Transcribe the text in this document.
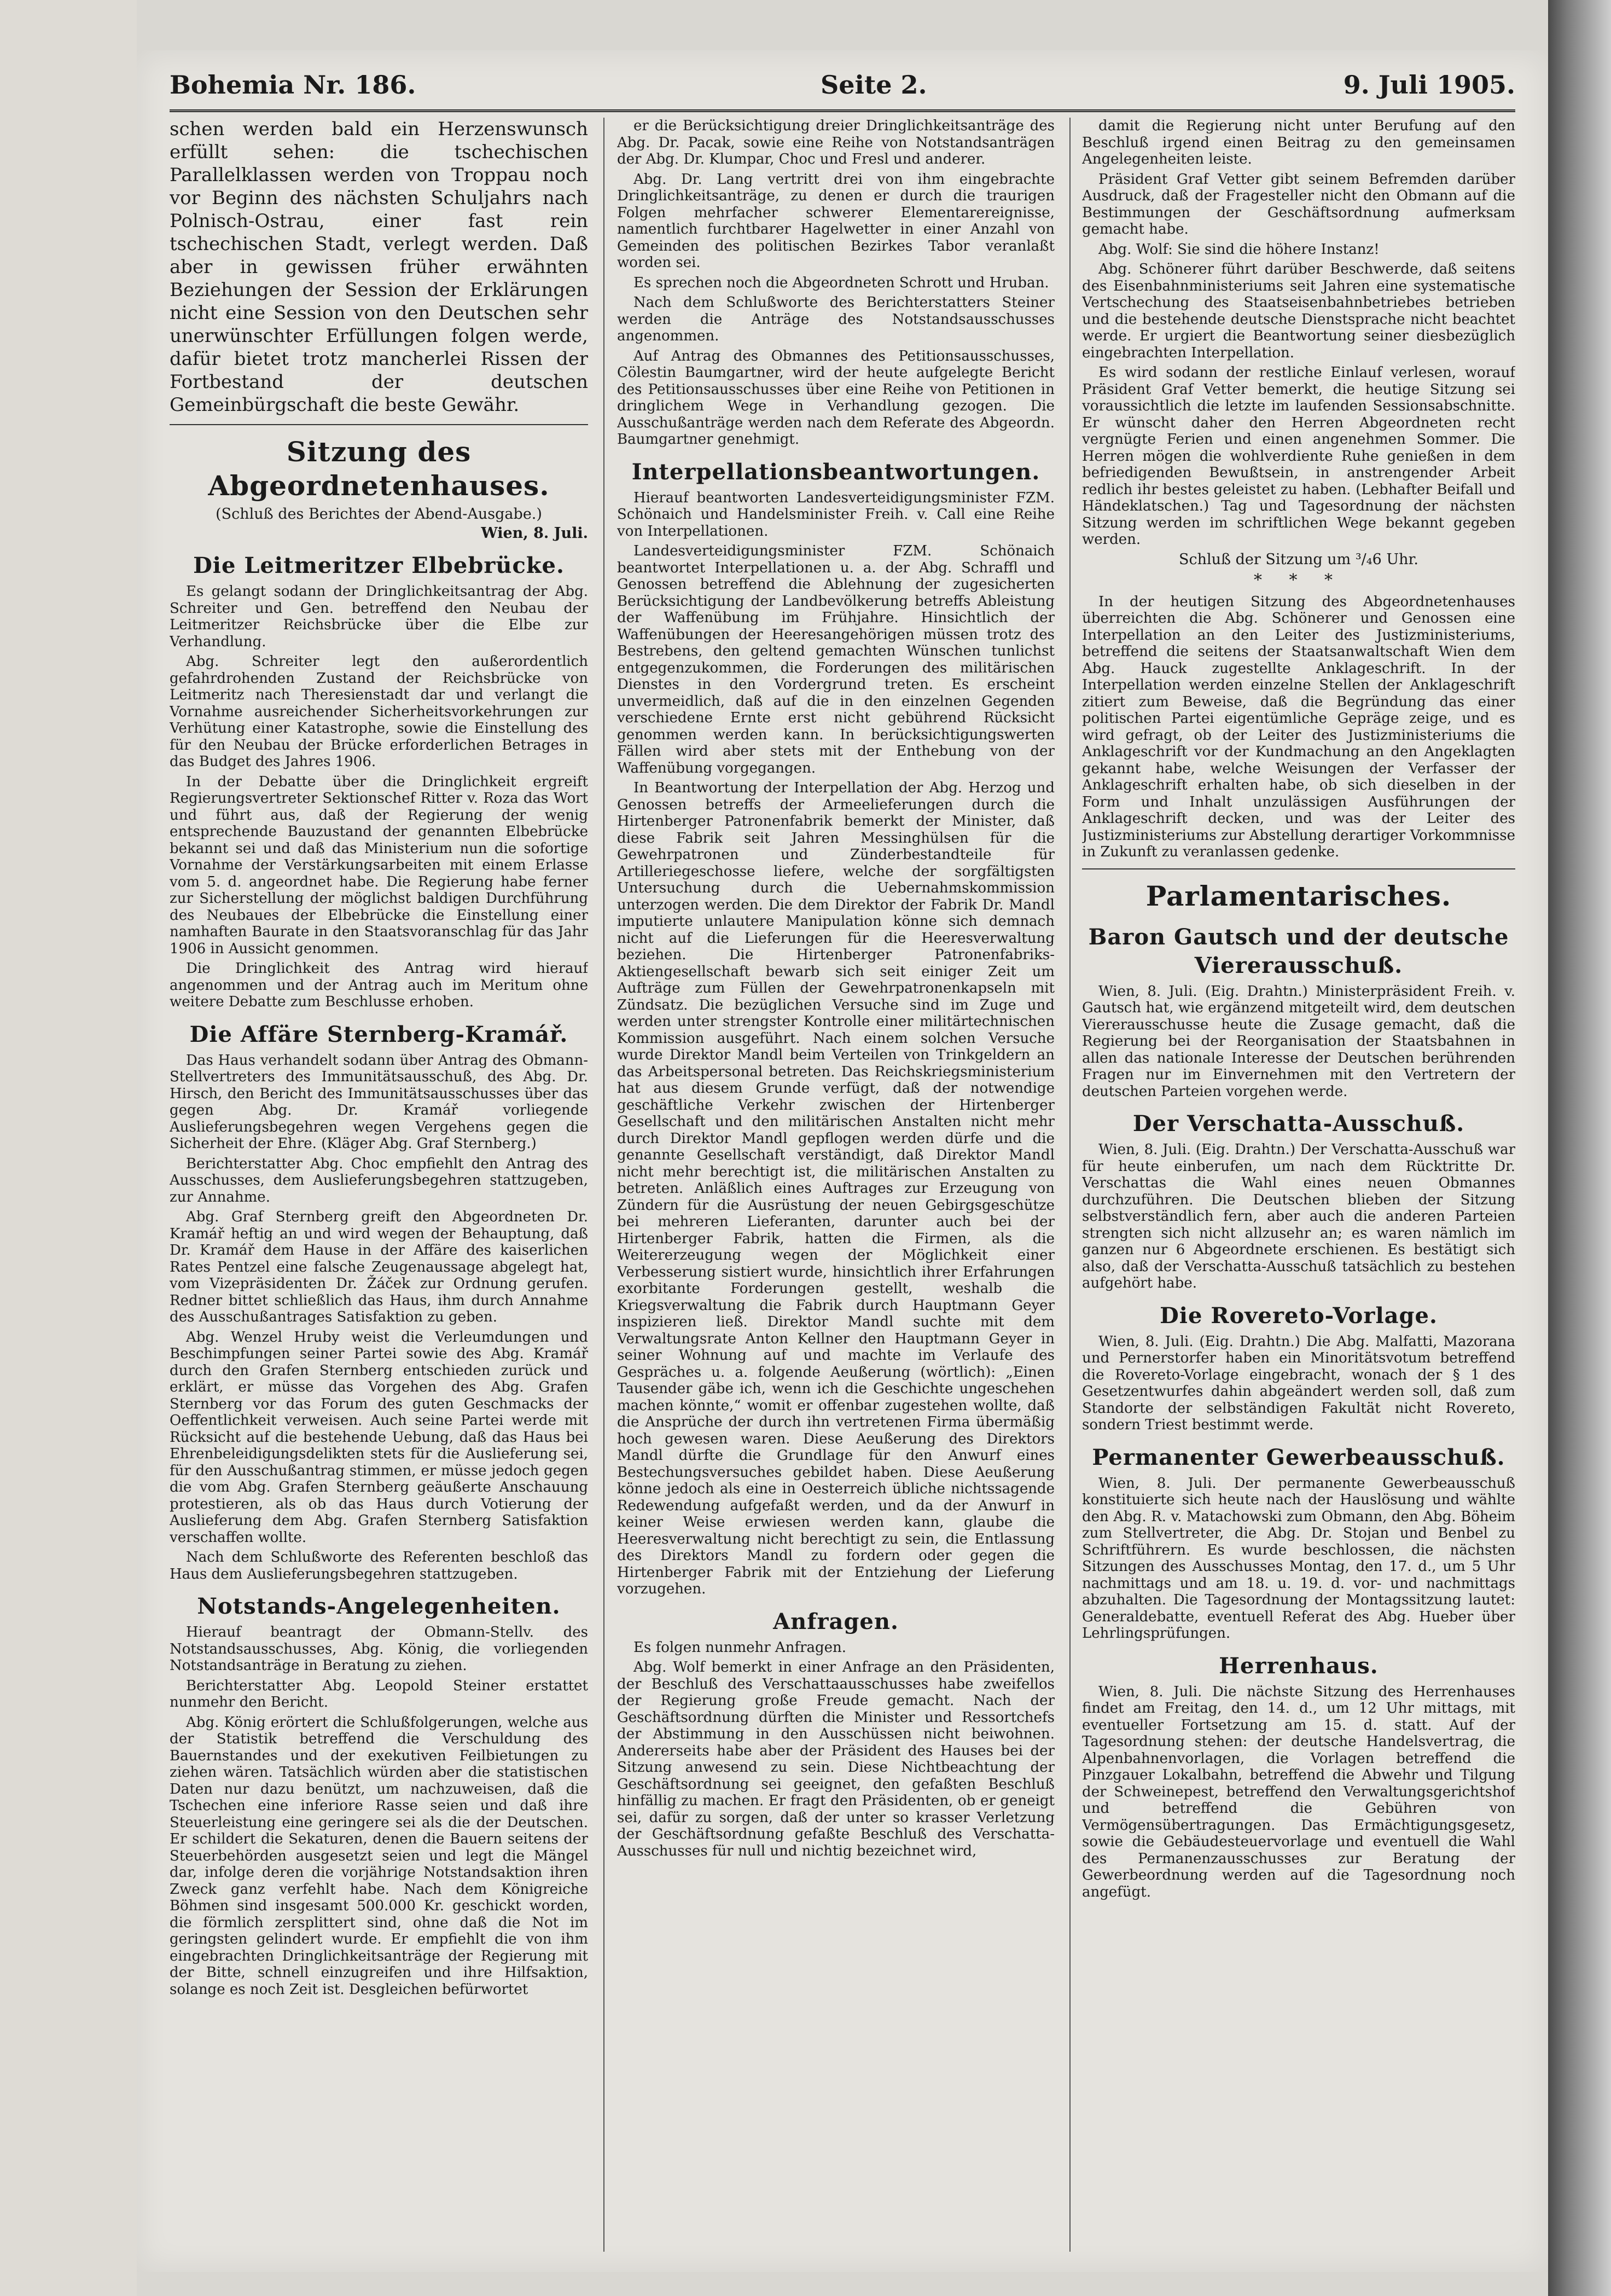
Bohemia Nr. 186.	Seite 2.	9. Juli 1905.

schen werden bald ein Herzenswunsch erfüllt sehen: die tschechischen Parallelklassen werden von Troppau noch vor Beginn des nächsten Schuljahrs nach Polnisch-Ostrau, einer fast rein tschechischen Stadt, verlegt werden. Daß aber in gewissen früher erwähnten Beziehungen der Session der Erklärungen nicht eine Session von den Deutschen sehr unerwünschter Erfüllungen folgen werde, dafür bietet trotz mancherlei Rissen der Fortbestand der deutschen Gemeinbürgschaft die beste Gewähr.

Sitzung des Abgeordnetenhauses.
(Schluß des Berichtes der Abend-Ausgabe.)
Wien, 8. Juli.
Die Leitmeritzer Elbebrücke.

Es gelangt sodann der Dringlichkeitsantrag der Abg. Schreiter und Gen. betreffend den Neubau der Leitmeritzer Reichsbrücke über die Elbe zur Verhandlung.

Abg. Schreiter legt den außerordentlich gefahrdrohenden Zustand der Reichsbrücke von Leitmeritz nach Theresienstadt dar und verlangt die Vornahme ausreichender Sicherheitsvorkehrungen zur Verhütung einer Katastrophe, sowie die Einstellung des für den Neubau der Brücke erforderlichen Betrages in das Budget des Jahres 1906.

In der Debatte über die Dringlichkeit ergreift Regierungsvertreter Sektionschef Ritter v. Roza das Wort und führt aus, daß der Regierung der wenig entsprechende Bauzustand der genannten Elbebrücke bekannt sei und daß das Ministerium nun die sofortige Vornahme der Verstärkungsarbeiten mit einem Erlasse vom 5. d. angeordnet habe. Die Regierung habe ferner zur Sicherstellung der möglichst baldigen Durchführung des Neubaues der Elbebrücke die Einstellung einer namhaften Baurate in den Staatsvoranschlag für das Jahr 1906 in Aussicht genommen.

Die Dringlichkeit des Antrag wird hierauf angenommen und der Antrag auch im Meritum ohne weitere Debatte zum Beschlusse erhoben.

Die Affäre Sternberg-Kramář.

Das Haus verhandelt sodann über Antrag des Obmann-Stellvertreters des Immunitätsausschuß, des Abg. Dr. Hirsch, den Bericht des Immunitätsausschusses über das gegen Abg. Dr. Kramář vorliegende Auslieferungsbegehren wegen Vergehens gegen die Sicherheit der Ehre. (Kläger Abg. Graf Sternberg.)

Berichterstatter Abg. Choc empfiehlt den Antrag des Ausschusses, dem Auslieferungsbegehren stattzugeben, zur Annahme.

Abg. Graf Sternberg greift den Abgeordneten Dr. Kramář heftig an und wird wegen der Behauptung, daß Dr. Kramář dem Hause in der Affäre des kaiserlichen Rates Pentzel eine falsche Zeugenaussage abgelegt hat, vom Vizepräsidenten Dr. Žáček zur Ordnung gerufen. Redner bittet schließlich das Haus, ihm durch Annahme des Ausschußantrages Satisfaktion zu geben.

Abg. Wenzel Hruby weist die Verleumdungen und Beschimpfungen seiner Partei sowie des Abg. Kramář durch den Grafen Sternberg entschieden zurück und erklärt, er müsse das Vorgehen des Abg. Grafen Sternberg vor das Forum des guten Geschmacks der Oeffentlichkeit verweisen. Auch seine Partei werde mit Rücksicht auf die bestehende Uebung, daß das Haus bei Ehrenbeleidigungsdelikten stets für die Auslieferung sei, für den Ausschußantrag stimmen, er müsse jedoch gegen die vom Abg. Grafen Sternberg geäußerte Anschauung protestieren, als ob das Haus durch Votierung der Auslieferung dem Abg. Grafen Sternberg Satisfaktion verschaffen wollte.

Nach dem Schlußworte des Referenten beschloß das Haus dem Auslieferungsbegehren stattzugeben.

Notstands-Angelegenheiten.

Hierauf beantragt der Obmann-Stellv. des Notstandsausschusses, Abg. König, die vorliegenden Notstandsanträge in Beratung zu ziehen.

Berichterstatter Abg. Leopold Steiner erstattet nunmehr den Bericht.

Abg. König erörtert die Schlußfolgerungen, welche aus der Statistik betreffend die Verschuldung des Bauernstandes und der exekutiven Feilbietungen zu ziehen wären. Tatsächlich würden aber die statistischen Daten nur dazu benützt, um nachzuweisen, daß die Tschechen eine inferiore Rasse seien und daß ihre Steuerleistung eine geringere sei als die der Deutschen. Er schildert die Sekaturen, denen die Bauern seitens der Steuerbehörden ausgesetzt seien und legt die Mängel dar, infolge deren die vorjährige Notstandsaktion ihren Zweck ganz verfehlt habe. Nach dem Königreiche Böhmen sind insgesamt 500.000 Kr. geschickt worden, die förmlich zersplittert sind, ohne daß die Not im geringsten gelindert wurde. Er empfiehlt die von ihm eingebrachten Dringlichkeitsanträge der Regierung mit der Bitte, schnell einzugreifen und ihre Hilfsaktion, solange es noch Zeit ist. Desgleichen befürwortet

er die Berücksichtigung dreier Dringlichkeitsanträge des Abg. Dr. Pacak, sowie eine Reihe von Notstandsanträgen der Abg. Dr. Klumpar, Choc und Fresl und anderer.

Abg. Dr. Lang vertritt drei von ihm eingebrachte Dringlichkeitsanträge, zu denen er durch die traurigen Folgen mehrfacher schwerer Elementarereignisse, namentlich furchtbarer Hagelwetter in einer Anzahl von Gemeinden des politischen Bezirkes Tabor veranlaßt worden sei.

Es sprechen noch die Abgeordneten Schrott und Hruban.

Nach dem Schlußworte des Berichterstatters Steiner werden die Anträge des Notstandsausschusses angenommen.

Auf Antrag des Obmannes des Petitionsausschusses, Cölestin Baumgartner, wird der heute aufgelegte Bericht des Petitionsausschusses über eine Reihe von Petitionen in dringlichem Wege in Verhandlung gezogen. Die Ausschußanträge werden nach dem Referate des Abgeordn. Baumgartner genehmigt.

Interpellationsbeantwortungen.

Hierauf beantworten Landesverteidigungsminister FZM. Schönaich und Handelsminister Freih. v. Call eine Reihe von Interpellationen.

Landesverteidigungsminister FZM. Schönaich beantwortet Interpellationen u. a. der Abg. Schraffl und Genossen betreffend die Ablehnung der zugesicherten Berücksichtigung der Landbevölkerung betreffs Ableistung der Waffenübung im Frühjahre. Hinsichtlich der Waffenübungen der Heeresangehörigen müssen trotz des Bestrebens, den geltend gemachten Wünschen tunlichst entgegenzukommen, die Forderungen des militärischen Dienstes in den Vordergrund treten. Es erscheint unvermeidlich, daß auf die in den einzelnen Gegenden verschiedene Ernte erst nicht gebührend Rücksicht genommen werden kann. In berücksichtigungswerten Fällen wird aber stets mit der Enthebung von der Waffenübung vorgegangen.

In Beantwortung der Interpellation der Abg. Herzog und Genossen betreffs der Armeelieferungen durch die Hirtenberger Patronenfabrik bemerkt der Minister, daß diese Fabrik seit Jahren Messinghülsen für die Gewehrpatronen und Zünderbestandteile für Artilleriegeschosse liefere, welche der sorgfältigsten Untersuchung durch die Uebernahmskommission unterzogen werden. Die dem Direktor der Fabrik Dr. Mandl imputierte unlautere Manipulation könne sich demnach nicht auf die Lieferungen für die Heeresverwaltung beziehen. Die Hirtenberger Patronenfabriks-Aktiengesellschaft bewarb sich seit einiger Zeit um Aufträge zum Füllen der Gewehrpatronenkapseln mit Zündsatz. Die bezüglichen Versuche sind im Zuge und werden unter strengster Kontrolle einer militärtechnischen Kommission ausgeführt. Nach einem solchen Versuche wurde Direktor Mandl beim Verteilen von Trinkgeldern an das Arbeitspersonal betreten. Das Reichskriegsministerium hat aus diesem Grunde verfügt, daß der notwendige geschäftliche Verkehr zwischen der Hirtenberger Gesellschaft und den militärischen Anstalten nicht mehr durch Direktor Mandl gepflogen werden dürfe und die genannte Gesellschaft verständigt, daß Direktor Mandl nicht mehr berechtigt ist, die militärischen Anstalten zu betreten. Anläßlich eines Auftrages zur Erzeugung von Zündern für die Ausrüstung der neuen Gebirgsgeschütze bei mehreren Lieferanten, darunter auch bei der Hirtenberger Fabrik, hatten die Firmen, als die Weitererzeugung wegen der Möglichkeit einer Verbesserung sistiert wurde, hinsichtlich ihrer Erfahrungen exorbitante Forderungen gestellt, weshalb die Kriegsverwaltung die Fabrik durch Hauptmann Geyer inspizieren ließ. Direktor Mandl suchte mit dem Verwaltungsrate Anton Kellner den Hauptmann Geyer in seiner Wohnung auf und machte im Verlaufe des Gespräches u. a. folgende Aeußerung (wörtlich): „Einen Tausender gäbe ich, wenn ich die Geschichte ungeschehen machen könnte,“ womit er offenbar zugestehen wollte, daß die Ansprüche der durch ihn vertretenen Firma übermäßig hoch gewesen waren. Diese Aeußerung des Direktors Mandl dürfte die Grundlage für den Anwurf eines Bestechungsversuches gebildet haben. Diese Aeußerung könne jedoch als eine in Oesterreich übliche nichtssagende Redewendung aufgefaßt werden, und da der Anwurf in keiner Weise erwiesen werden kann, glaube die Heeresverwaltung nicht berechtigt zu sein, die Entlassung des Direktors Mandl zu fordern oder gegen die Hirtenberger Fabrik mit der Entziehung der Lieferung vorzugehen.

Anfragen.

Es folgen nunmehr Anfragen.

Abg. Wolf bemerkt in einer Anfrage an den Präsidenten, der Beschluß des Verschattaausschusses habe zweifellos der Regierung große Freude gemacht. Nach der Geschäftsordnung dürften die Minister und Ressortchefs der Abstimmung in den Ausschüssen nicht beiwohnen. Andererseits habe aber der Präsident des Hauses bei der Sitzung anwesend zu sein. Diese Nichtbeachtung der Geschäftsordnung sei geeignet, den gefaßten Beschluß hinfällig zu machen. Er fragt den Präsidenten, ob er geneigt sei, dafür zu sorgen, daß der unter so krasser Verletzung der Geschäftsordnung gefaßte Beschluß des Verschatta-Ausschusses für null und nichtig bezeichnet wird,

damit die Regierung nicht unter Berufung auf den Beschluß irgend einen Beitrag zu den gemeinsamen Angelegenheiten leiste.

Präsident Graf Vetter gibt seinem Befremden darüber Ausdruck, daß der Fragesteller nicht den Obmann auf die Bestimmungen der Geschäftsordnung aufmerksam gemacht habe.

Abg. Wolf: Sie sind die höhere Instanz!

Abg. Schönerer führt darüber Beschwerde, daß seitens des Eisenbahnministeriums seit Jahren eine systematische Vertschechung des Staatseisenbahnbetriebes betrieben und die bestehende deutsche Dienstsprache nicht beachtet werde. Er urgiert die Beantwortung seiner diesbezüglich eingebrachten Interpellation.

Es wird sodann der restliche Einlauf verlesen, worauf Präsident Graf Vetter bemerkt, die heutige Sitzung sei voraussichtlich die letzte im laufenden Sessionsabschnitte. Er wünscht daher den Herren Abgeordneten recht vergnügte Ferien und einen angenehmen Sommer. Die Herren mögen die wohlverdiente Ruhe genießen in dem befriedigenden Bewußtsein, in anstrengender Arbeit redlich ihr bestes geleistet zu haben. (Lebhafter Beifall und Händeklatschen.) Tag und Tagesordnung der nächsten Sitzung werden im schriftlichen Wege bekannt gegeben werden.

Schluß der Sitzung um ³/₄6 Uhr.
* * *

In der heutigen Sitzung des Abgeordnetenhauses überreichten die Abg. Schönerer und Genossen eine Interpellation an den Leiter des Justizministeriums, betreffend die seitens der Staatsanwaltschaft Wien dem Abg. Hauck zugestellte Anklageschrift. In der Interpellation werden einzelne Stellen der Anklageschrift zitiert zum Beweise, daß die Begründung das einer politischen Partei eigentümliche Gepräge zeige, und es wird gefragt, ob der Leiter des Justizministeriums die Anklageschrift vor der Kundmachung an den Angeklagten gekannt habe, welche Weisungen der Verfasser der Anklageschrift erhalten habe, ob sich dieselben in der Form und Inhalt unzulässigen Ausführungen der Anklageschrift decken, und was der Leiter des Justizministeriums zur Abstellung derartiger Vorkommnisse in Zukunft zu veranlassen gedenke.

Parlamentarisches.
Baron Gautsch und der deutsche Viererausschuß.

Wien, 8. Juli. (Eig. Drahtn.) Ministerpräsident Freih. v. Gautsch hat, wie ergänzend mitgeteilt wird, dem deutschen Viererausschusse heute die Zusage gemacht, daß die Regierung bei der Reorganisation der Staatsbahnen in allen das nationale Interesse der Deutschen berührenden Fragen nur im Einvernehmen mit den Vertretern der deutschen Parteien vorgehen werde.

Der Verschatta-Ausschuß.

Wien, 8. Juli. (Eig. Drahtn.) Der Verschatta-Ausschuß war für heute einberufen, um nach dem Rücktritte Dr. Verschattas die Wahl eines neuen Obmannes durchzuführen. Die Deutschen blieben der Sitzung selbstverständlich fern, aber auch die anderen Parteien strengten sich nicht allzusehr an; es waren nämlich im ganzen nur 6 Abgeordnete erschienen. Es bestätigt sich also, daß der Verschatta-Ausschuß tatsächlich zu bestehen aufgehört habe.

Die Rovereto-Vorlage.

Wien, 8. Juli. (Eig. Drahtn.) Die Abg. Malfatti, Mazorana und Pernerstorfer haben ein Minoritätsvotum betreffend die Rovereto-Vorlage eingebracht, wonach der § 1 des Gesetzentwurfes dahin abgeändert werden soll, daß zum Standorte der selbständigen Fakultät nicht Rovereto, sondern Triest bestimmt werde.

Permanenter Gewerbeausschuß.

Wien, 8. Juli. Der permanente Gewerbeausschuß konstituierte sich heute nach der Hauslösung und wählte den Abg. R. v. Matachowski zum Obmann, den Abg. Böheim zum Stellvertreter, die Abg. Dr. Stojan und Benbel zu Schriftführern. Es wurde beschlossen, die nächsten Sitzungen des Ausschusses Montag, den 17. d., um 5 Uhr nachmittags und am 18. u. 19. d. vor- und nachmittags abzuhalten. Die Tagesordnung der Montagssitzung lautet: Generaldebatte, eventuell Referat des Abg. Hueber über Lehrlingsprüfungen.

Herrenhaus.

Wien, 8. Juli. Die nächste Sitzung des Herrenhauses findet am Freitag, den 14. d., um 12 Uhr mittags, mit eventueller Fortsetzung am 15. d. statt. Auf der Tagesordnung stehen: der deutsche Handelsvertrag, die Alpenbahnenvorlagen, die Vorlagen betreffend die Pinzgauer Lokalbahn, betreffend die Abwehr und Tilgung der Schweinepest, betreffend den Verwaltungsgerichtshof und betreffend die Gebühren von Vermögensübertragungen. Das Ermächtigungsgesetz, sowie die Gebäudesteuervorlage und eventuell die Wahl des Permanenzausschusses zur Beratung der Gewerbeordnung werden auf die Tagesordnung noch angefügt.
